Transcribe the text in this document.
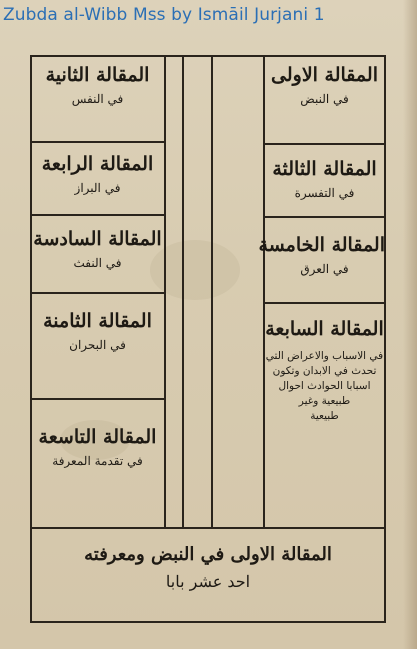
Zubda al-Wibb Mss by Ismāil Jurjani 1
المقالة الاولى
في النبض
المقالة الثالثة
في التفسرة
المقالة الخامسة
في العرق
المقالة السابعة
في الاسباب والاعراض التي
تحدث في الابدان وتكون
اسبابا الحوادث احوال
طبيعية وغير
طبيعية
المقالة الثانية
في النفس
المقالة الرابعة
في البراز
المقالة السادسة
في النفث
المقالة الثامنة
في البحران
المقالة التاسعة
في تقدمة المعرفة
المقالة الاولى في النبض ومعرفته
احد عشر بابا
